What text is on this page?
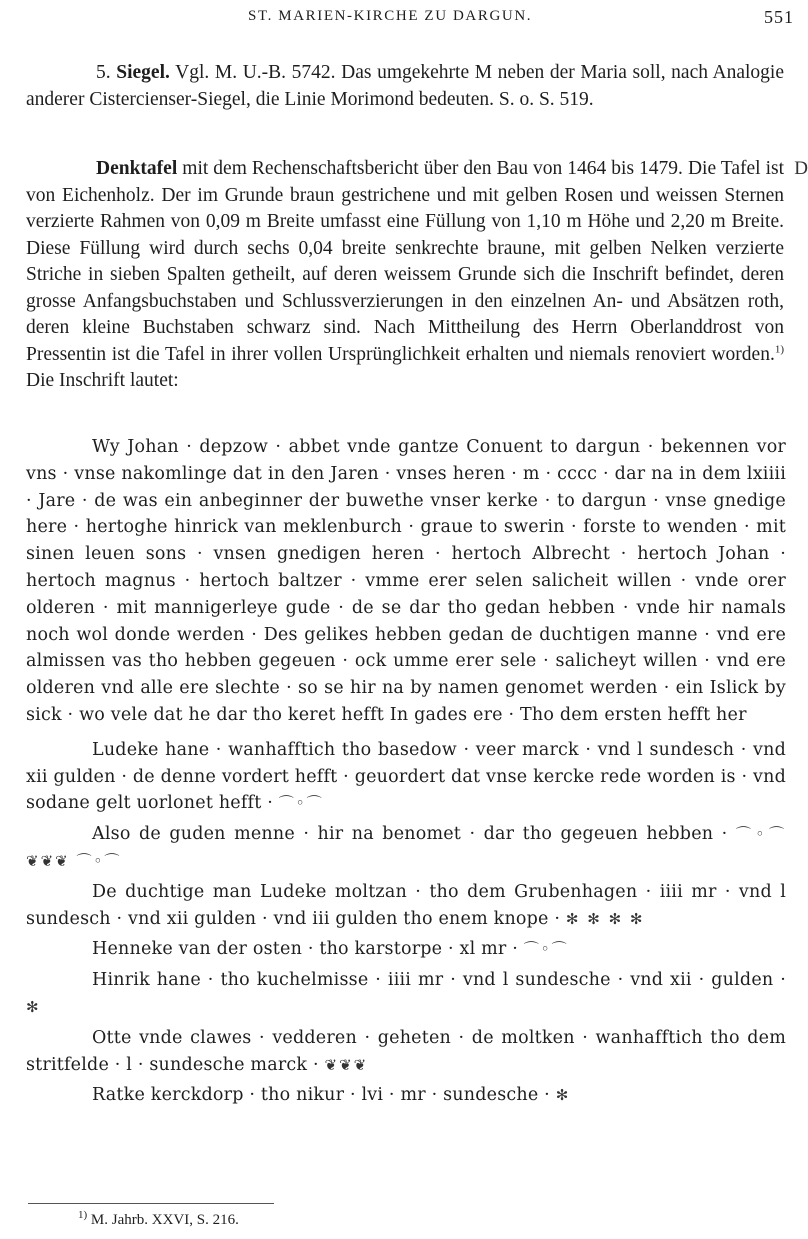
ST. MARIEN-KIRCHE ZU DARGUN.	551

5. Siegel. Vgl. M. U.-B. 5742. Das umgekehrte M neben der Maria soll, nach Analogie anderer Cistercienser-Siegel, die Linie Morimond bedeuten. S. o. S. 519.

Denktafel mit dem Rechenschaftsbericht über den Bau von 1464 bis 1479. Die Tafel ist von Eichenholz. Der im Grunde braun gestrichene und mit gelben Rosen und weissen Sternen verzierte Rahmen von 0,09 m Breite umfasst eine Füllung von 1,10 m Höhe und 2,20 m Breite. Diese Füllung wird durch sechs 0,04 breite senkrechte braune, mit gelben Nelken verzierte Striche in sieben Spalten getheilt, auf deren weissem Grunde sich die Inschrift befindet, deren grosse Anfangsbuchstaben und Schlussverzierungen in den einzelnen An- und Absätzen roth, deren kleine Buchstaben schwarz sind. Nach Mittheilung des Herrn Oberlanddrost von Pressentin ist die Tafel in ihrer vollen Ursprünglichkeit erhalten und niemals renoviert worden.$^{1)}$ Die Inschrift lautet:

D

Wy Johan · depzow · abbet vnde gantze Conuent to dargun · bekennen vor vns · vnse nakomlinge dat in den Jaren · vnses heren · m · cccc · dar na in dem lxiiii · Jare · de was ein anbeginner der buwethe vnser kerke · to dargun · vnse gnedige here · hertoghe hinrick van meklenburch · graue to swerin · forste to wenden · mit sinen leuen sons · vnsen gnedigen heren · hertoch Albrecht · hertoch Johan · hertoch magnus · hertoch baltzer · vmme erer selen salicheit willen · vnde orer olderen · mit mannigerleye gude · de se dar tho gedan hebben · vnde hir namals noch wol donde werden · Des gelikes hebben gedan de duchtigen manne · vnd ere almissen vas tho hebben gegeuen · ock umme erer sele · salicheyt willen · vnd ere olderen vnd alle ere slechte · so se hir na by namen genomet werden · ein Islick by sick · wo vele dat he dar tho keret hefft In gades ere · Tho dem ersten hefft her

Ludeke hane · wanhafftich tho basedow · veer marck · vnd l sundesch · vnd xii gulden · de denne vordert hefft · geuordert dat vnse kercke rede worden is · vnd sodane gelt uorlonet hefft · ⌒◦⌒

Also de guden menne · hir na benomet · dar tho gegeuen hebben · ⌒◦⌒ ❦❦❦ ⌒◦⌒

De duchtige man Ludeke moltzan · tho dem Grubenhagen · iiii mr · vnd l sundesch · vnd xii gulden · vnd iii gulden tho enem knope · ✻ ✻ ✻ ✻

Henneke van der osten · tho karstorpe · xl mr · ⌒◦⌒

Hinrik hane · tho kuchelmisse · iiii mr · vnd l sundesche · vnd xii · gulden · ✻

Otte vnde clawes · vedderen · geheten · de moltken · wanhafftich tho dem stritfelde · l · sundesche marck · ❦❦❦

Ratke kerckdorp · tho nikur · lvi · mr · sundesche · ✻

$^{1)}$ M. Jahrb. XXVI, S. 216.
